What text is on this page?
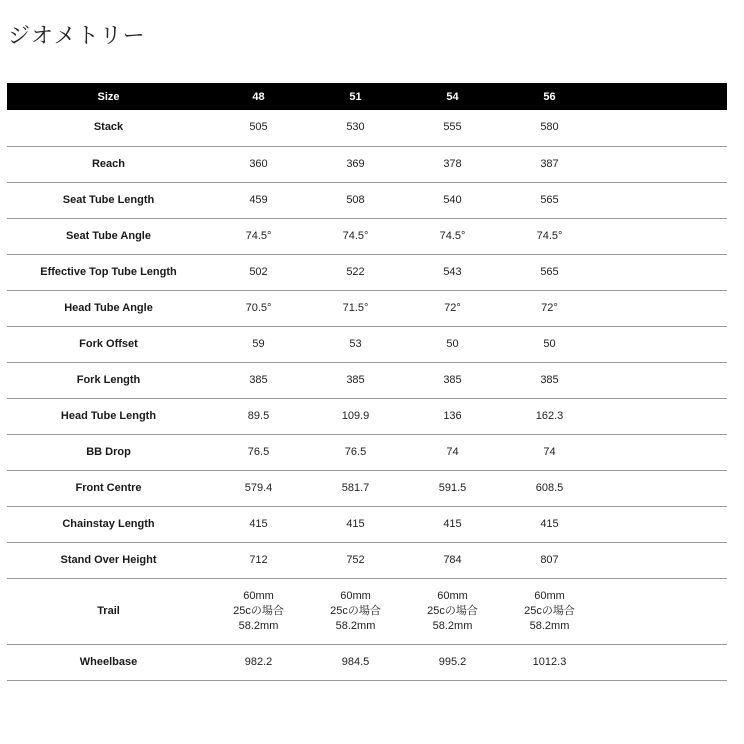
ジオメトリー
Size	48	51	54	56	
Stack	505	530	555	580	
Reach	360	369	378	387	
Seat Tube Length	459	508	540	565	
Seat Tube Angle	74.5°	74.5°	74.5°	74.5°	
Effective Top Tube Length	502	522	543	565	
Head Tube Angle	70.5°	71.5°	72°	72°	
Fork Offset	59	53	50	50	
Fork Length	385	385	385	385	
Head Tube Length	89.5	109.9	136	162.3	
BB Drop	76.5	76.5	74	74	
Front Centre	579.4	581.7	591.5	608.5	
Chainstay Length	415	415	415	415	
Stand Over Height	712	752	784	807	
Trail	60mm
25cの場合
58.2mm	60mm
25cの場合
58.2mm	60mm
25cの場合
58.2mm	60mm
25cの場合
58.2mm	

Wheelbase	982.2	984.5	995.2	1012.3	
